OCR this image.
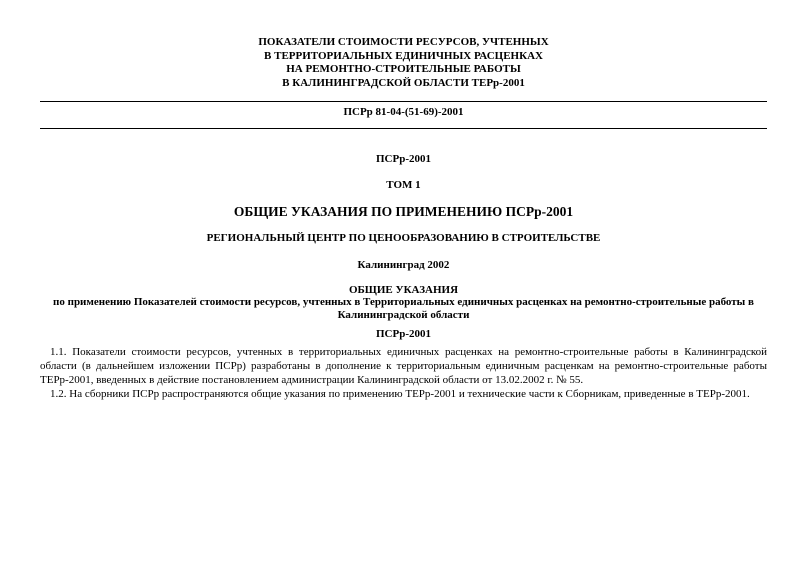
ПОКАЗАТЕЛИ СТОИМОСТИ РЕСУРСОВ, УЧТЕННЫХ
В ТЕРРИТОРИАЛЬНЫХ ЕДИНИЧНЫХ РАСЦЕНКАХ
НА РЕМОНТНО-СТРОИТЕЛЬНЫЕ РАБОТЫ
В КАЛИНИНГРАДСКОЙ ОБЛАСТИ ТЕРр-2001
ПСРр 81-04-(51-69)-2001
ПСРр-2001
ТОМ 1
ОБЩИЕ УКАЗАНИЯ ПО ПРИМЕНЕНИЮ ПСРр-2001
РЕГИОНАЛЬНЫЙ ЦЕНТР ПО ЦЕНООБРАЗОВАНИЮ В СТРОИТЕЛЬСТВЕ
Калининград 2002
ОБЩИЕ УКАЗАНИЯ
по применению Показателей стоимости ресурсов, учтенных в Территориальных единичных расценках на ремонтно-строительные работы в Калининградской области
ПСРр-2001

1.1. Показатели стоимости ресурсов, учтенных в территориальных единичных расценках на ремонтно-строительные работы в Калининградской области (в дальнейшем изложении ПСРр) разработаны в дополнение к территориальным единичным расценкам на ремонтно-строительные работы ТЕРр-2001, введенных в действие постановлением администрации Калининградской области от 13.02.2002 г. № 55.

1.2. На сборники ПСРр распространяются общие указания по применению ТЕРр-2001 и технические части к Сборникам, приведенные в ТЕРр-2001.
